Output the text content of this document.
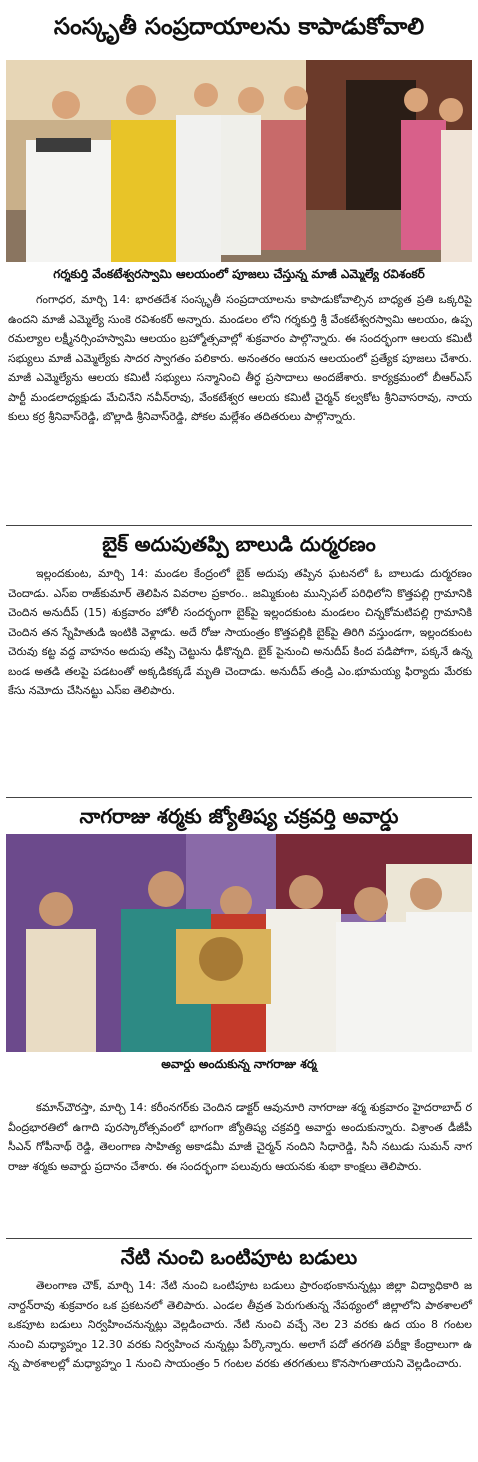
సంస్కృతీ సంప్రదాయాలను కాపాడుకోవాలి
గర్శకుర్తి వేంకటేశ్వరస్వామి ఆలయంలో పూజలు చేస్తున్న మాజీ ఎమ్మెల్యే రవిశంకర్

గంగాధర, మార్చి 14: భారతదేశ సంస్కృతీ సంప్రదాయాలను కాపాడుకోవాల్సిన బాధ్యత ప్రతి ఒక్కరిపై ఉందని మాజీ ఎమ్మెల్యే సుంకె రవిశంకర్ అన్నారు. మండలం లోని గర్శకుర్తి శ్రీ వేంకటేశ్వరస్వామి ఆలయం, ఉప్పరమల్యాల లక్ష్మీనర్సింహస్వామి ఆలయం బ్రహ్మోత్సవాల్లో శుక్రవారం పాల్గొన్నారు. ఈ సందర్భంగా ఆలయ కమిటీ సభ్యులు మాజీ ఎమ్మెల్యేకు సాదర స్వాగతం పలికారు. అనంతరం ఆయన ఆలయంలో ప్రత్యేక పూజలు చేశారు. మాజీ ఎమ్మెల్యేను ఆలయ కమిటీ సభ్యులు సన్మానించి తీర్థ ప్రసాదాలు అందజేశారు. కార్యక్రమంలో బీఆర్ఎస్ పార్టీ మండలాధ్యక్షుడు మేచినేని నవీన్‌రావు, వేంకటేశ్వర ఆలయ కమిటీ చైర్మన్ కల్వకోట శ్రీనివాసరావు, నాయకులు కర్ర శ్రీనివాస్‌రెడ్డి, బొల్లాడి శ్రీనివాస్‌రెడ్డి, పోకల మల్లేశం తదితరులు పాల్గొన్నారు.

బైక్ అదుపుతప్పి బాలుడి దుర్మరణం

ఇల్లందకుంట, మార్చి 14: మండల కేంద్రంలో బైక్ అదుపు తప్పిన ఘటనలో ఓ బాలుడు దుర్మరణం చెందాడు. ఎస్ఐ రాజ్‌కుమార్ తెలిపిన వివరాల ప్రకారం.. జమ్మికుంట మున్సిపల్ పరిధిలోని కొత్తపల్లి గ్రామానికి చెందిన అనుదీప్ (15) శుక్రవారం హోలీ సందర్భంగా బైక్‌పై ఇల్లందకుంట మండలం చిన్నకోమటిపల్లి గ్రామానికి చెందిన తన స్నేహితుడి ఇంటికి వెళ్లాడు. అదే రోజు సాయంత్రం కొత్తపల్లికి బైక్‌పై తిరిగి వస్తుండగా, ఇల్లందకుంట చెరువు కట్ట వద్ద వాహనం అదుపు తప్పి చెట్టును ఢీకొన్నది. బైక్ పైనుంచి అనుదీప్ కింద పడిపోగా, పక్కనే ఉన్న బండ అతడి తలపై పడటంతో అక్కడికక్కడే మృతి చెందాడు. అనుదీప్ తండ్రి ఎం.భూమయ్య ఫిర్యాదు మేరకు కేసు నమోదు చేసినట్టు ఎస్ఐ తెలిపారు.

నాగరాజు శర్మకు జ్యోతిష్య చక్రవర్తి అవార్డు
అవార్డు అందుకున్న నాగరాజు శర్మ

కమాన్‌చౌరస్తా, మార్చి 14: కరీంనగర్‌కు చెందిన డాక్టర్ ఆవునూరి నాగరాజు శర్మ శుక్రవారం హైదరాబాద్ రవీంద్రభారతిలో ఉగాది పురస్కారోత్సవంలో భాగంగా జ్యోతిష్య చక్రవర్తి అవార్డు అందుకున్నారు. విశ్రాంత డీజీపీ సీఎన్ గోపీనాథ్ రెడ్డి, తెలంగాణ సాహిత్య అకాడమీ మాజీ చైర్మన్ నందిని సిధారెడ్డి, సినీ నటుడు సుమన్ నాగరాజు శర్మకు అవార్డు ప్రదానం చేశారు. ఈ సందర్భంగా పలువురు ఆయనకు శుభా కాంక్షలు తెలిపారు.

నేటి నుంచి ఒంటిపూట బడులు

తెలంగాణ చౌక్, మార్చి 14: నేటి నుంచి ఒంటిపూట బడులు ప్రారంభంకానున్నట్లు జిల్లా విద్యాధికారి జనార్దన్‌రావు శుక్రవారం ఒక ప్రకటనలో తెలిపారు. ఎండల తీవ్రత పెరుగుతున్న నేపథ్యంలో జిల్లాలోని పాఠశాలలో ఒకపూట బడులు నిర్వహించనున్నట్లు వెల్లడించారు. నేటి నుంచి వచ్చే నెల 23 వరకు ఉద యం 8 గంటల నుంచి మధ్యాహ్నం 12.30 వరకు నిర్వహించ నున్నట్లు పేర్కొన్నారు. అలాగే పదో తరగతి పరీక్షా కేంద్రాలుగా ఉన్న పాఠశాలల్లో మధ్యాహ్నం 1 నుంచి సాయంత్రం 5 గంటల వరకు తరగతులు కొనసాగుతాయని వెల్లడించారు.
